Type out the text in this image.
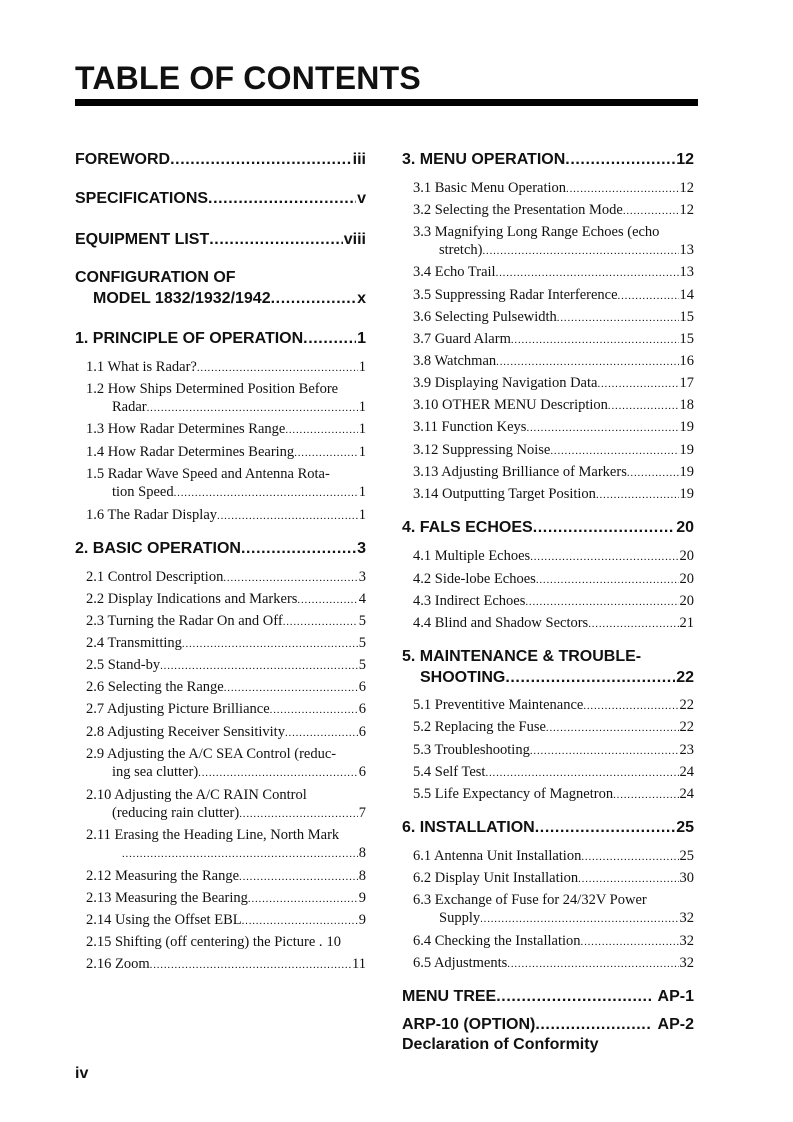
TABLE OF CONTENTS
FOREWORD .....	iii
SPECIFICATIONS .....	v
EQUIPMENT LIST .....	viii
CONFIGURATION OF
MODEL 1832/1932/1942 .....	x
1. PRINCIPLE OF OPERATION .....	1
1.1 What is Radar? .....	1
1.2 How Ships Determined Position Before
Radar .....	1
1.3 How Radar Determines Range .....	1
1.4 How Radar Determines Bearing .....	1
1.5 Radar Wave Speed and Antenna Rota-
tion Speed .....	1
1.6 The Radar Display .....	1
2. BASIC OPERATION .....	3
2.1 Control Description .....	3
2.2 Display Indications and Markers .....	4
2.3 Turning the Radar On and Off .....	5
2.4 Transmitting .....	5
2.5 Stand-by .....	5
2.6 Selecting the Range .....	6
2.7 Adjusting Picture Brilliance .....	6
2.8 Adjusting Receiver Sensitivity .....	6
2.9 Adjusting the A/C SEA Control (reduc-
ing sea clutter) .....	6
2.10 Adjusting the A/C RAIN Control
(reducing rain clutter) .....	7
2.11 Erasing the Heading Line, North Mark
.....
8
2.12 Measuring the Range .....	8
2.13 Measuring the Bearing .....	9
2.14 Using the Offset EBL .....	9
2.15 Shifting (off centering) the Picture . 10
2.16 Zoom .....	11
3. MENU OPERATION .....	12
3.1 Basic Menu Operation .....	12
3.2 Selecting the Presentation Mode .....	12
3.3 Magnifying Long Range Echoes (echo
stretch) .....	13
3.4 Echo Trail .....	13
3.5 Suppressing Radar Interference .....	14
3.6 Selecting Pulsewidth .....	15
3.7 Guard Alarm .....	15
3.8 Watchman .....	16
3.9 Displaying Navigation Data .....	17
3.10 OTHER MENU Description .....	18
3.11 Function Keys .....	19
3.12 Suppressing Noise .....	19
3.13 Adjusting Brilliance of Markers .....	19
3.14 Outputting Target Position .....	19
4. FALS ECHOES .....	20
4.1 Multiple Echoes .....	20
4.2 Side-lobe Echoes .....	20
4.3 Indirect Echoes .....	20
4.4 Blind and Shadow Sectors .....	21
5. MAINTENANCE & TROUBLE-
SHOOTING .....	22
5.1 Preventitive Maintenance .....	22
5.2 Replacing the Fuse .....	22
5.3 Troubleshooting .....	23
5.4 Self Test .....	24
5.5 Life Expectancy of Magnetron .....	24
6. INSTALLATION .....	25
6.1 Antenna Unit Installation .....	25
6.2 Display Unit Installation .....	30
6.3 Exchange of Fuse for 24/32V Power
Supply .....	32
6.4 Checking the Installation .....	32
6.5 Adjustments .....	32
MENU TREE .....	AP-1
ARP-10 (OPTION) .....	AP-2
Declaration of Conformity
iv
